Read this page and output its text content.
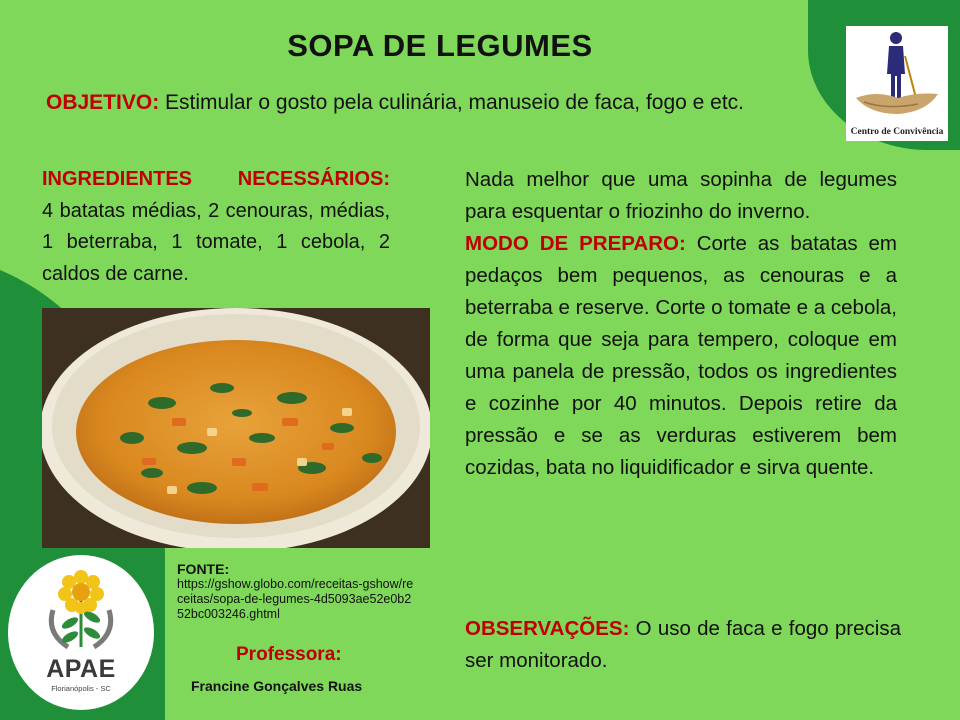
SOPA DE LEGUMES
OBJETIVO: Estimular o gosto pela culinária, manuseio de faca, fogo e etc.
INGREDIENTES NECESSÁRIOS:
4 batatas médias, 2 cenouras, médias, 1 beterraba, 1 tomate, 1 cebola, 2 caldos de carne.

Nada melhor que uma sopinha de legumes para esquentar o friozinho do inverno.

MODO DE PREPARO: Corte as batatas em pedaços bem pequenos, as cenouras e a beterraba e reserve. Corte o tomate e a cebola, de forma que seja para tempero, coloque em uma panela de pressão, todos os ingredientes e cozinhe por 40 minutos. Depois retire da pressão e se as verduras estiverem bem cozidas, bata no liquidificador e sirva quente.

OBSERVAÇÕES: O uso de faca e fogo precisa ser monitorado.
FONTE:
https://gshow.globo.com/receitas-gshow/receitas/sopa-de-legumes-4d5093ae52e0b252bc003246.ghtml
Professora:
Francine Gonçalves Ruas
APAE
Florianópolis - SC
Centro de Convivência
